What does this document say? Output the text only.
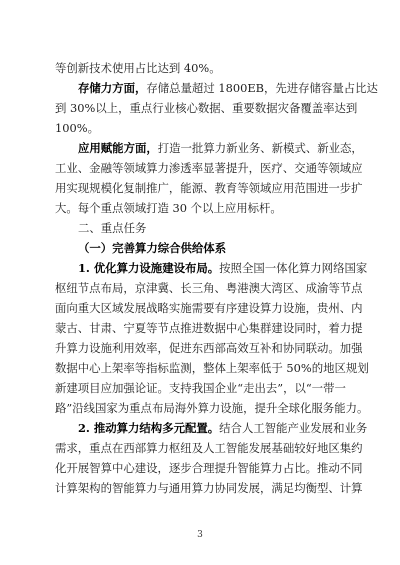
等创新技术使用占比达到 40%。
存储力方面，存储总量超过 1800EB，先进存储容量占比达
到 30%以上，重点行业核心数据、重要数据灾备覆盖率达到
100%。
应用赋能方面，打造一批算力新业务、新模式、新业态，
工业、金融等领域算力渗透率显著提升，医疗、交通等领域应
用实现规模化复制推广，能源、教育等领域应用范围进一步扩
大。每个重点领域打造 30 个以上应用标杆。
二、重点任务
（一）完善算力综合供给体系
1. 优化算力设施建设布局。按照全国一体化算力网络国家
枢纽节点布局，京津冀、长三角、粤港澳大湾区、成渝等节点
面向重大区域发展战略实施需要有序建设算力设施，贵州、内
蒙古、甘肃、宁夏等节点推进数据中心集群建设同时，着力提
升算力设施利用效率，促进东西部高效互补和协同联动。加强
数据中心上架率等指标监测，整体上架率低于 50%的地区规划
新建项目应加强论证。支持我国企业“走出去”，以“一带一
路”沿线国家为重点布局海外算力设施，提升全球化服务能力。
2. 推动算力结构多元配置。结合人工智能产业发展和业务
需求，重点在西部算力枢纽及人工智能发展基础较好地区集约
化开展智算中心建设，逐步合理提升智能算力占比。推动不同
计算架构的智能算力与通用算力协同发展，满足均衡型、计算
3
